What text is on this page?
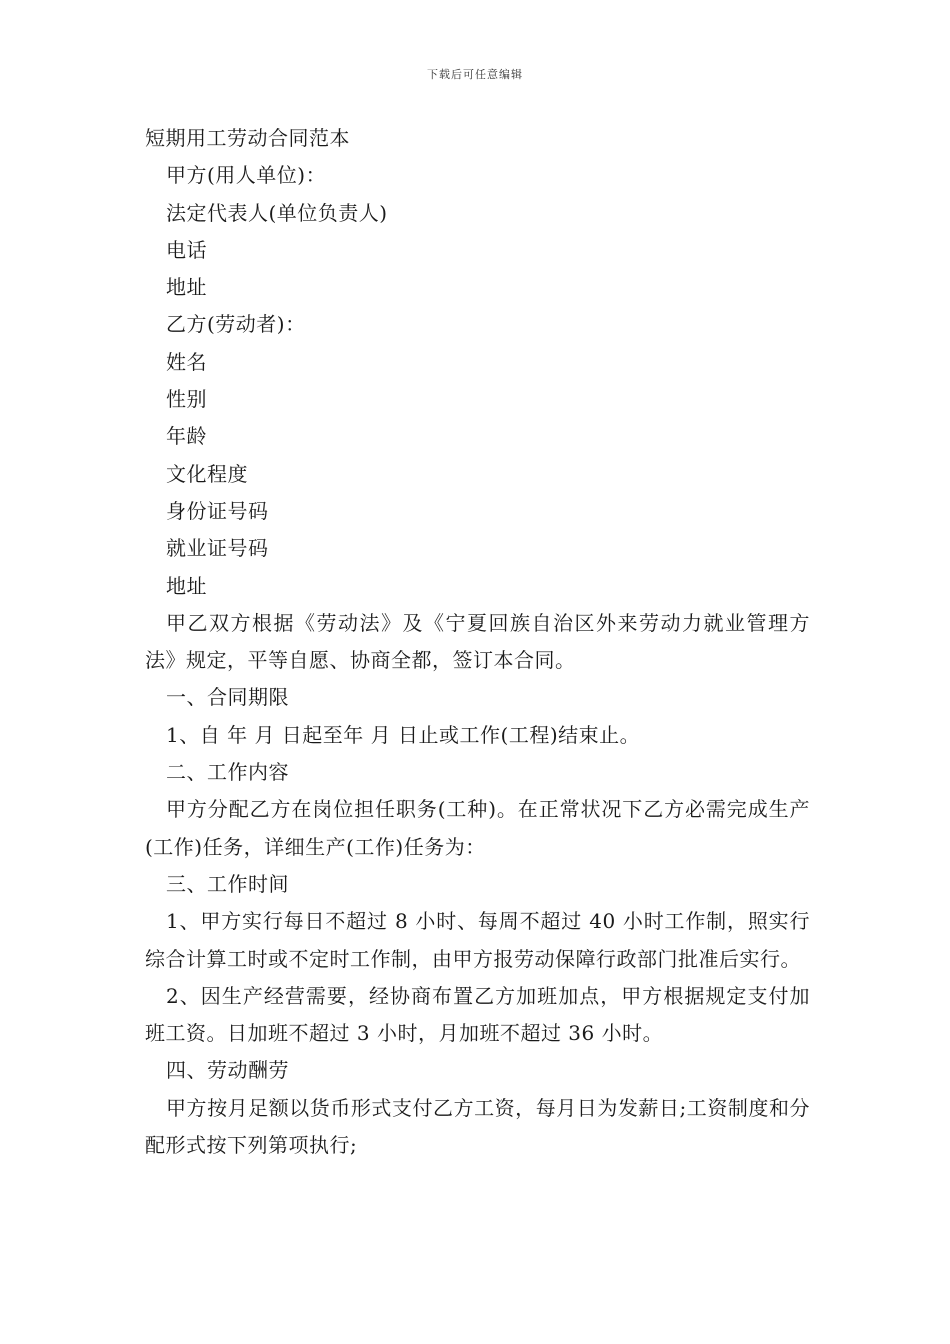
下载后可任意编辑
短期用工劳动合同范本
甲方(用人单位)：
法定代表人(单位负责人)
电话
地址
乙方(劳动者)：
姓名
性别
年龄
文化程度
身份证号码
就业证号码
地址
甲乙双方根据《劳动法》及《宁夏回族自治区外来劳动力就业管理方法》规定，平等自愿、协商全都，签订本合同。
一、合同期限
1、自 年 月 日起至年 月 日止或工作(工程)结束止。
二、工作内容
甲方分配乙方在岗位担任职务(工种)。在正常状况下乙方必需完成生产(工作)任务，详细生产(工作)任务为：
三、工作时间
1、甲方实行每日不超过 8 小时、每周不超过 40 小时工作制，照实行综合计算工时或不定时工作制，由甲方报劳动保障行政部门批准后实行。
2、因生产经营需要，经协商布置乙方加班加点，甲方根据规定支付加班工资。日加班不超过 3 小时，月加班不超过 36 小时。
四、劳动酬劳
甲方按月足额以货币形式支付乙方工资，每月日为发薪日;工资制度和分配形式按下列第项执行;
